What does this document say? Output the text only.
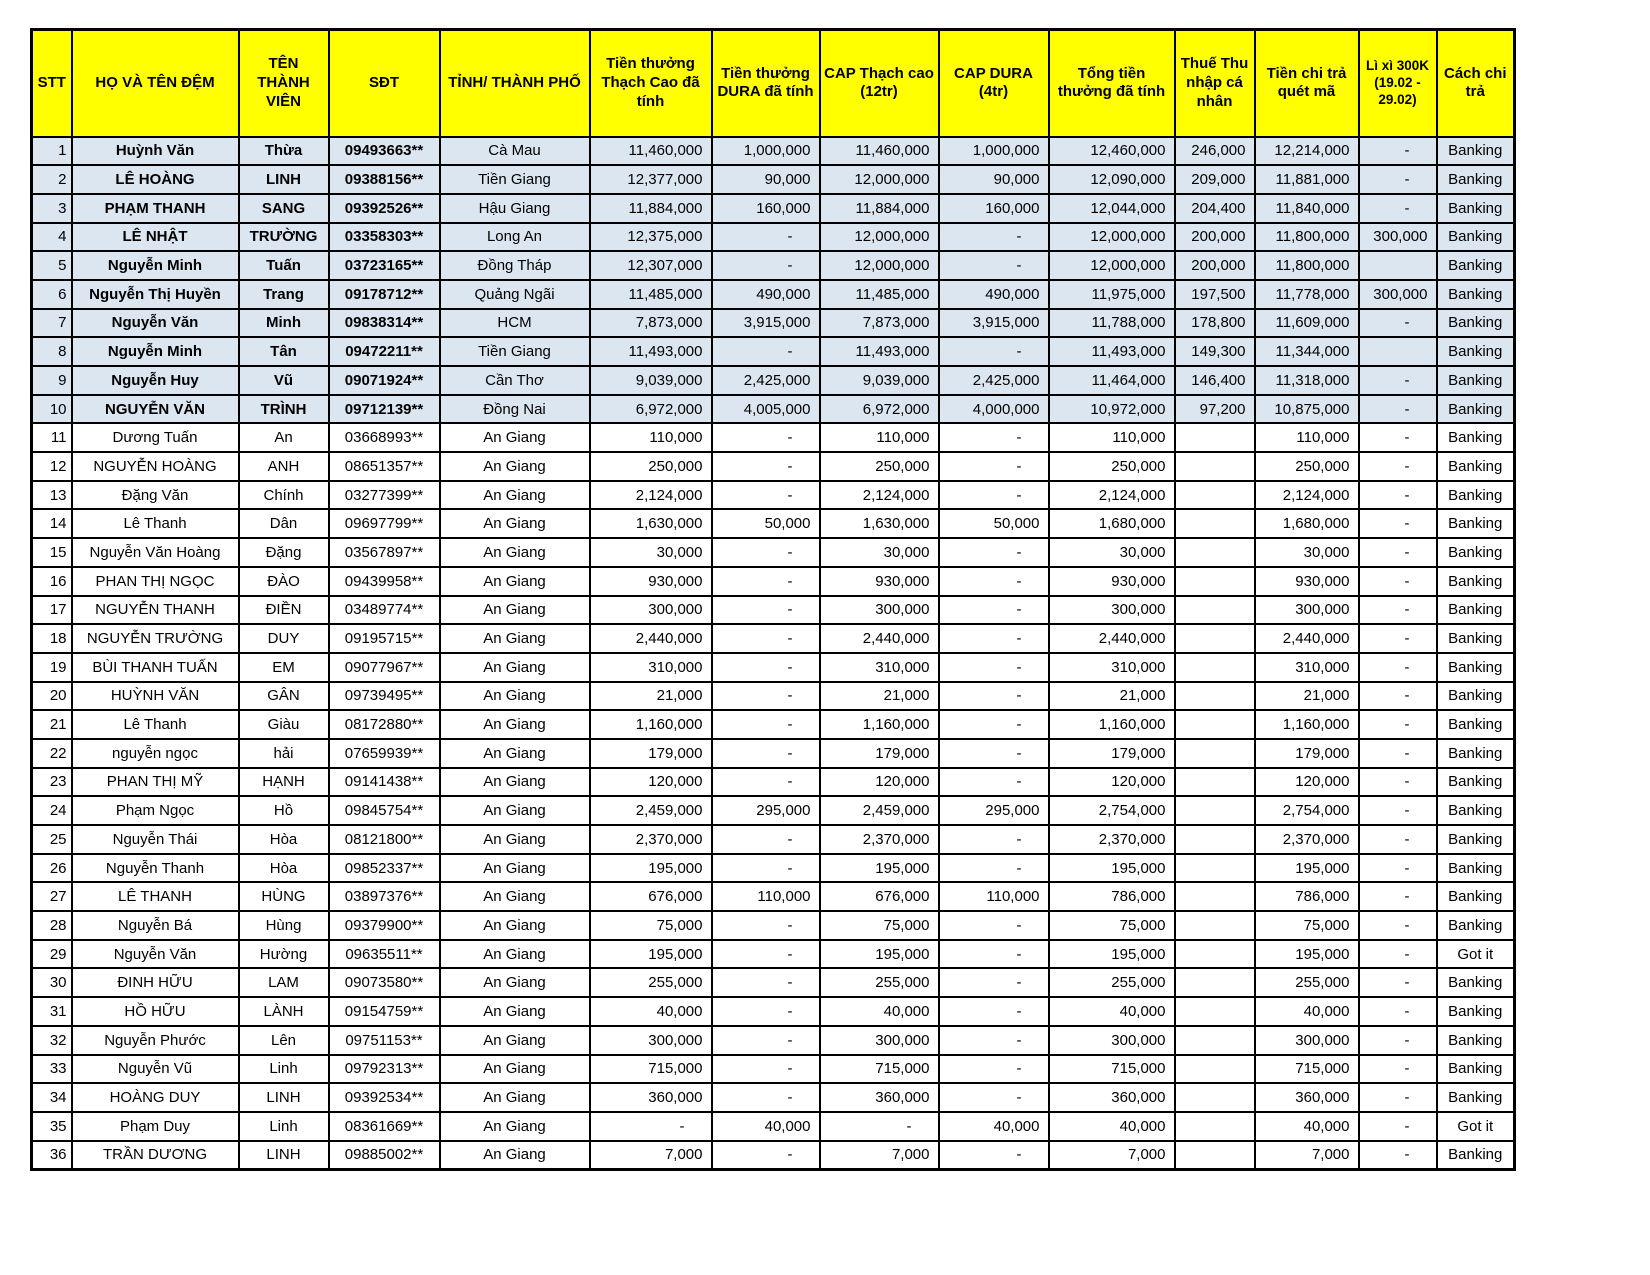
STT	HỌ VÀ TÊN ĐỆM	TÊN THÀNH VIÊN	SĐT	TỈNH/ THÀNH PHỐ	Tiền thưởng Thạch Cao đã tính	Tiền thưởng DURA đã tính	CAP Thạch cao (12tr)	CAP DURA (4tr)	Tổng tiền thưởng đã tính	Thuế Thu nhập cá nhân	Tiền chi trả quét mã	Lì xì 300K (19.02 - 29.02)	Cách chi trả
1	Huỳnh Văn	Thừa	09493663**	Cà Mau	11,460,000	1,000,000	11,460,000	1,000,000	12,460,000	246,000	12,214,000	-	Banking
2	LÊ HOÀNG	LINH	09388156**	Tiền Giang	12,377,000	90,000	12,000,000	90,000	12,090,000	209,000	11,881,000	-	Banking
3	PHẠM THANH	SANG	09392526**	Hậu Giang	11,884,000	160,000	11,884,000	160,000	12,044,000	204,400	11,840,000	-	Banking
4	LÊ NHẬT	TRƯỜNG	03358303**	Long An	12,375,000	-	12,000,000	-	12,000,000	200,000	11,800,000	300,000	Banking
5	Nguyễn Minh	Tuấn	03723165**	Đồng Tháp	12,307,000	-	12,000,000	-	12,000,000	200,000	11,800,000		Banking
6	Nguyễn Thị Huyền	Trang	09178712**	Quảng Ngãi	11,485,000	490,000	11,485,000	490,000	11,975,000	197,500	11,778,000	300,000	Banking
7	Nguyễn Văn	Minh	09838314**	HCM	7,873,000	3,915,000	7,873,000	3,915,000	11,788,000	178,800	11,609,000	-	Banking
8	Nguyễn Minh	Tân	09472211**	Tiền Giang	11,493,000	-	11,493,000	-	11,493,000	149,300	11,344,000		Banking
9	Nguyễn Huy	Vũ	09071924**	Cần Thơ	9,039,000	2,425,000	9,039,000	2,425,000	11,464,000	146,400	11,318,000	-	Banking
10	NGUYỄN VĂN	TRÌNH	09712139**	Đồng Nai	6,972,000	4,005,000	6,972,000	4,000,000	10,972,000	97,200	10,875,000	-	Banking
11	Dương Tuấn	An	03668993**	An Giang	110,000	-	110,000	-	110,000		110,000	-	Banking
12	NGUYỄN HOÀNG	ANH	08651357**	An Giang	250,000	-	250,000	-	250,000		250,000	-	Banking
13	Đặng Văn	Chính	03277399**	An Giang	2,124,000	-	2,124,000	-	2,124,000		2,124,000	-	Banking
14	Lê Thanh	Dân	09697799**	An Giang	1,630,000	50,000	1,630,000	50,000	1,680,000		1,680,000	-	Banking
15	Nguyễn Văn Hoàng	Đặng	03567897**	An Giang	30,000	-	30,000	-	30,000		30,000	-	Banking
16	PHAN THỊ NGỌC	ĐÀO	09439958**	An Giang	930,000	-	930,000	-	930,000		930,000	-	Banking
17	NGUYỄN THANH	ĐIỀN	03489774**	An Giang	300,000	-	300,000	-	300,000		300,000	-	Banking
18	NGUYỄN TRƯỜNG	DUY	09195715**	An Giang	2,440,000	-	2,440,000	-	2,440,000		2,440,000	-	Banking
19	BÙI THANH TUẤN	EM	09077967**	An Giang	310,000	-	310,000	-	310,000		310,000	-	Banking
20	HUỲNH VĂN	GÂN	09739495**	An Giang	21,000	-	21,000	-	21,000		21,000	-	Banking
21	Lê Thanh	Giàu	08172880**	An Giang	1,160,000	-	1,160,000	-	1,160,000		1,160,000	-	Banking
22	nguyễn ngọc	hải	07659939**	An Giang	179,000	-	179,000	-	179,000		179,000	-	Banking
23	PHAN THỊ MỸ	HẠNH	09141438**	An Giang	120,000	-	120,000	-	120,000		120,000	-	Banking
24	Phạm Ngọc	Hồ	09845754**	An Giang	2,459,000	295,000	2,459,000	295,000	2,754,000		2,754,000	-	Banking
25	Nguyễn Thái	Hòa	08121800**	An Giang	2,370,000	-	2,370,000	-	2,370,000		2,370,000	-	Banking
26	Nguyễn Thanh	Hòa	09852337**	An Giang	195,000	-	195,000	-	195,000		195,000	-	Banking
27	LÊ THANH	HÙNG	03897376**	An Giang	676,000	110,000	676,000	110,000	786,000		786,000	-	Banking
28	Nguyễn Bá	Hùng	09379900**	An Giang	75,000	-	75,000	-	75,000		75,000	-	Banking
29	Nguyễn Văn	Hường	09635511**	An Giang	195,000	-	195,000	-	195,000		195,000	-	Got it
30	ĐINH HỮU	LAM	09073580**	An Giang	255,000	-	255,000	-	255,000		255,000	-	Banking
31	HỒ HỮU	LÀNH	09154759**	An Giang	40,000	-	40,000	-	40,000		40,000	-	Banking
32	Nguyễn Phước	Lên	09751153**	An Giang	300,000	-	300,000	-	300,000		300,000	-	Banking
33	Nguyễn Vũ	Linh	09792313**	An Giang	715,000	-	715,000	-	715,000		715,000	-	Banking
34	HOÀNG DUY	LINH	09392534**	An Giang	360,000	-	360,000	-	360,000		360,000	-	Banking
35	Phạm Duy	Linh	08361669**	An Giang	-	40,000	-	40,000	40,000		40,000	-	Got it
36	TRẦN DƯƠNG	LINH	09885002**	An Giang	7,000	-	7,000	-	7,000		7,000	-	Banking
